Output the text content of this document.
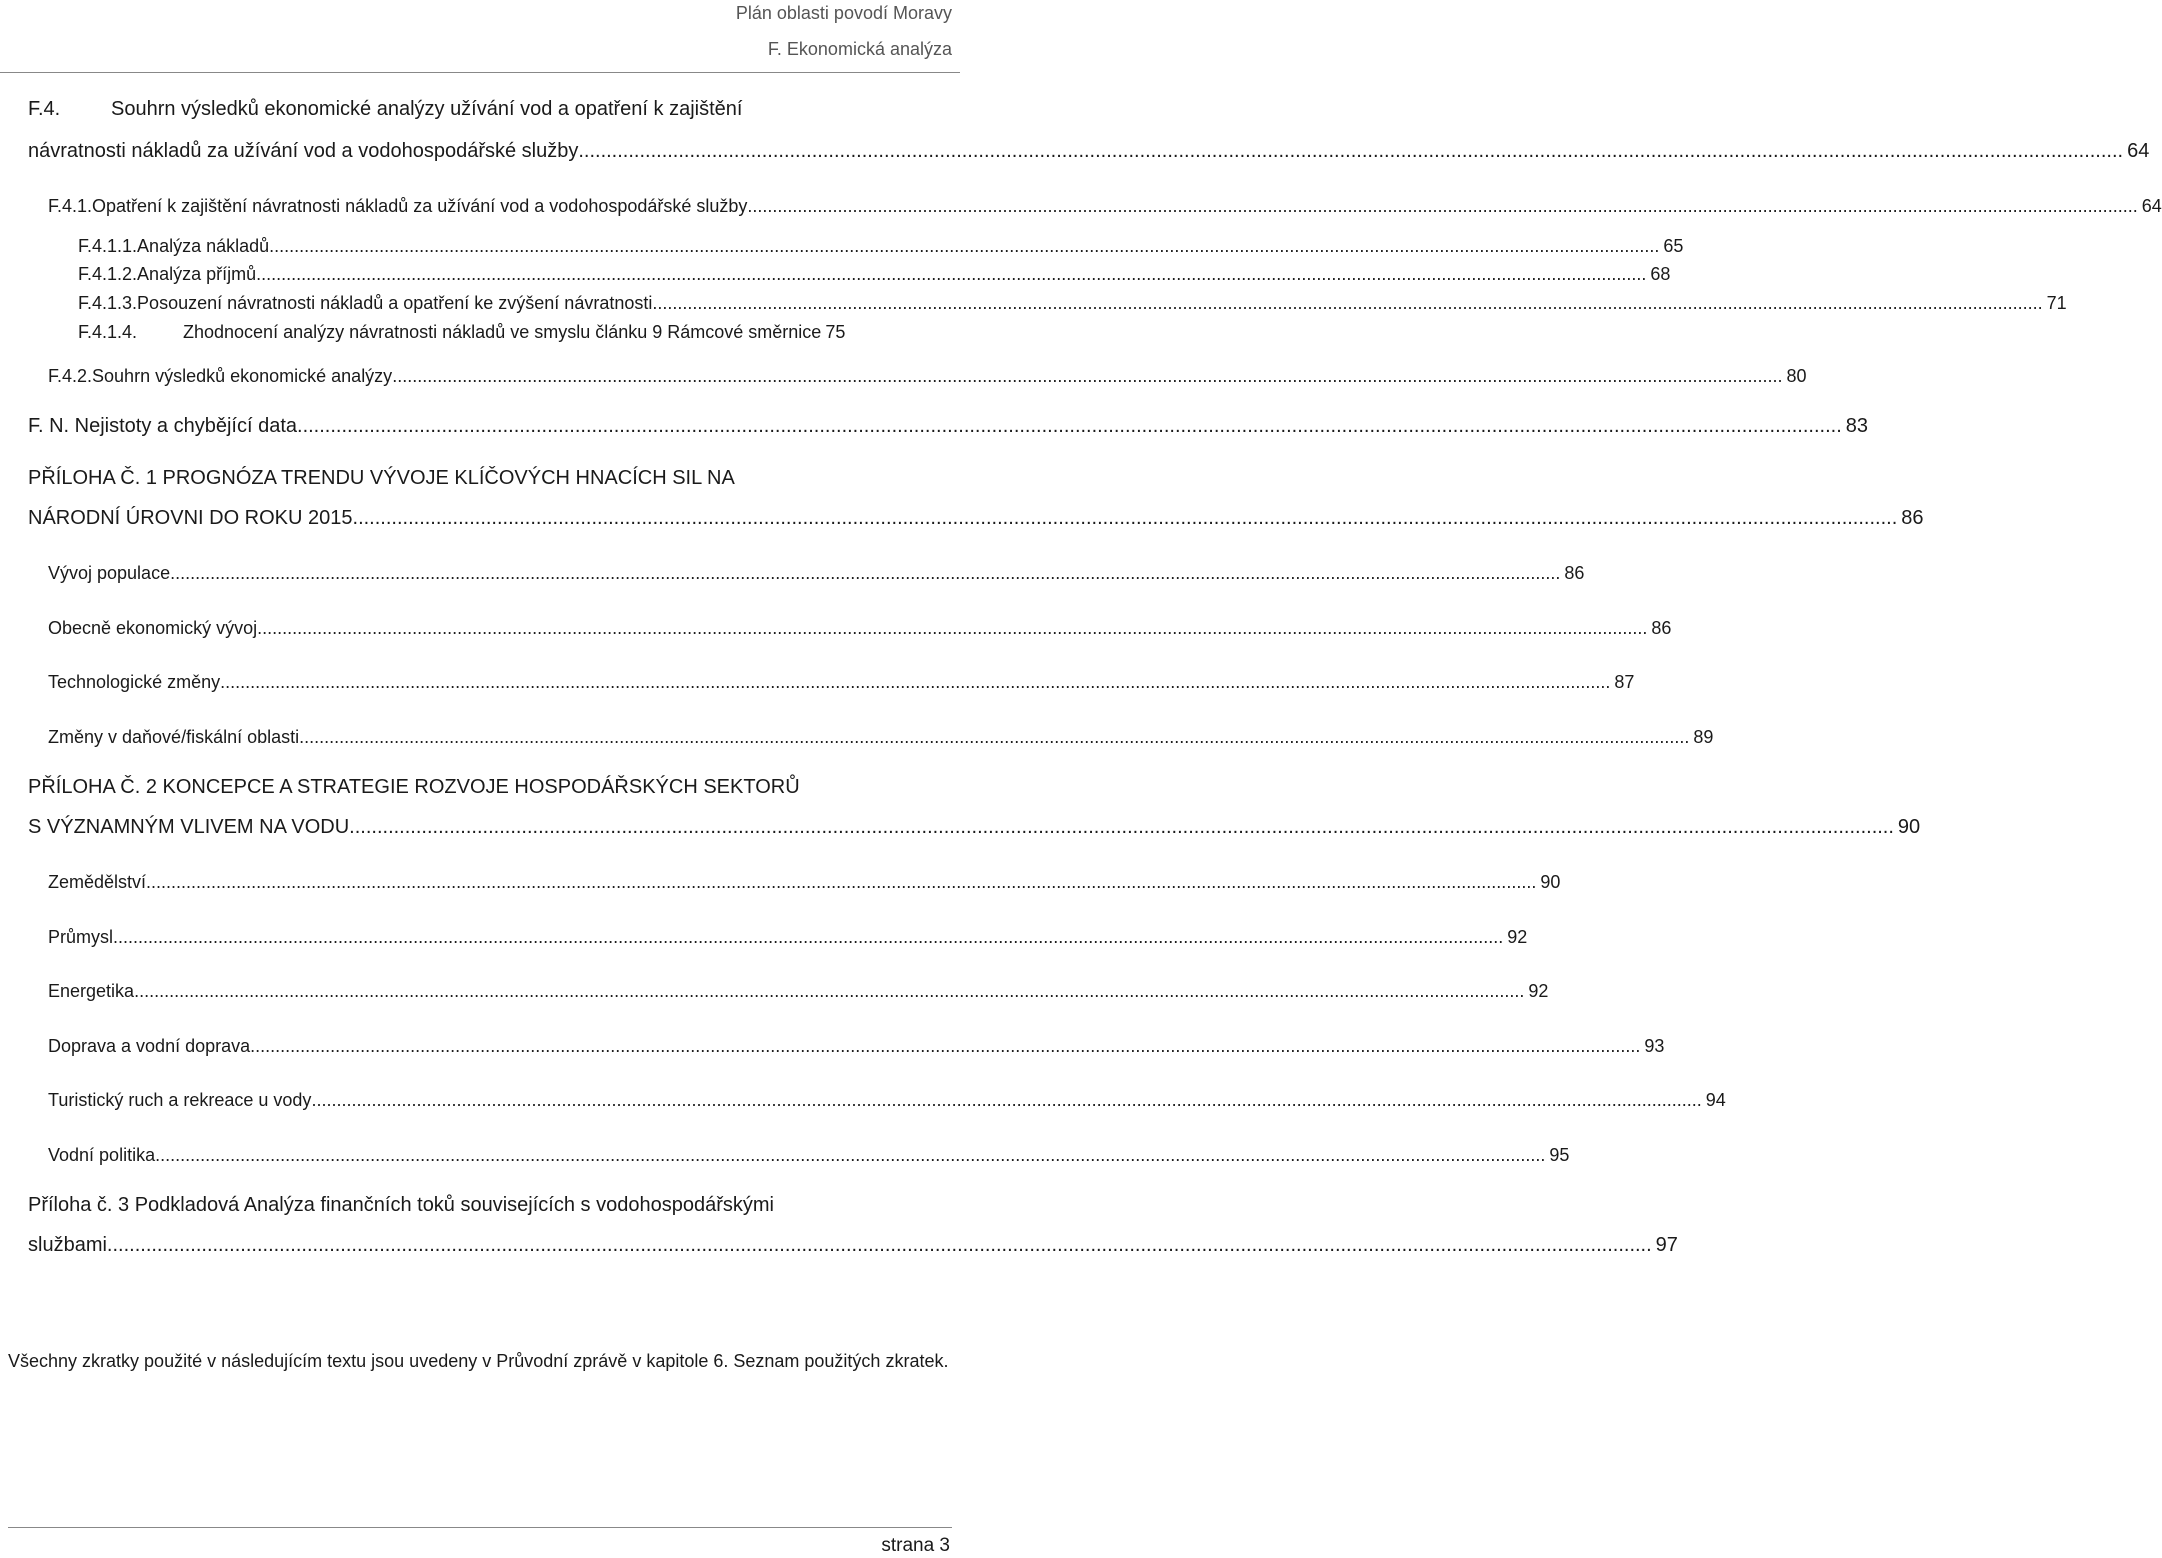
Plán oblasti povodí Moravy
F. Ekonomická analýza
F.4.	Souhrn výsledků ekonomické analýzy užívání vod a opatření k zajištění
návratnosti nákladů za užívání vod a vodohospodářské služby .....	64
F.4.1. Opatření k zajištění návratnosti nákladů za užívání vod a vodohospodářské služby .....	64
F.4.1.1. Analýza nákladů .....	65
F.4.1.2. Analýza příjmů .....	68
F.4.1.3. Posouzení návratnosti nákladů a opatření ke zvýšení návratnosti .....	71
F.4.1.4.	Zhodnocení analýzy návratnosti nákladů ve smyslu článku 9 Rámcové směrnice 75
F.4.2. Souhrn výsledků ekonomické analýzy .....	80
F. N. Nejistoty a chybějící data .....	83
PŘÍLOHA Č. 1 PROGNÓZA TRENDU VÝVOJE KLÍČOVÝCH HNACÍCH SIL NA
NÁRODNÍ ÚROVNI DO ROKU 2015 .....	86
Vývoj populace .....	86
Obecně ekonomický vývoj .....	86
Technologické změny .....	87
Změny v daňové/fiskální oblasti .....	89
PŘÍLOHA Č. 2 KONCEPCE A STRATEGIE ROZVOJE HOSPODÁŘSKÝCH SEKTORŮ
S VÝZNAMNÝM VLIVEM NA VODU .....	90
Zemědělství .....	90
Průmysl .....	92
Energetika .....	92
Doprava a vodní doprava .....	93
Turistický ruch a rekreace u vody .....	94
Vodní politika .....	95
Příloha č. 3 Podkladová Analýza finančních toků souvisejících s vodohospodářskými
službami .....	97
Všechny zkratky použité v následujícím textu jsou uvedeny v Průvodní zprávě v kapitole 6. Seznam použitých zkratek.
strana 3
